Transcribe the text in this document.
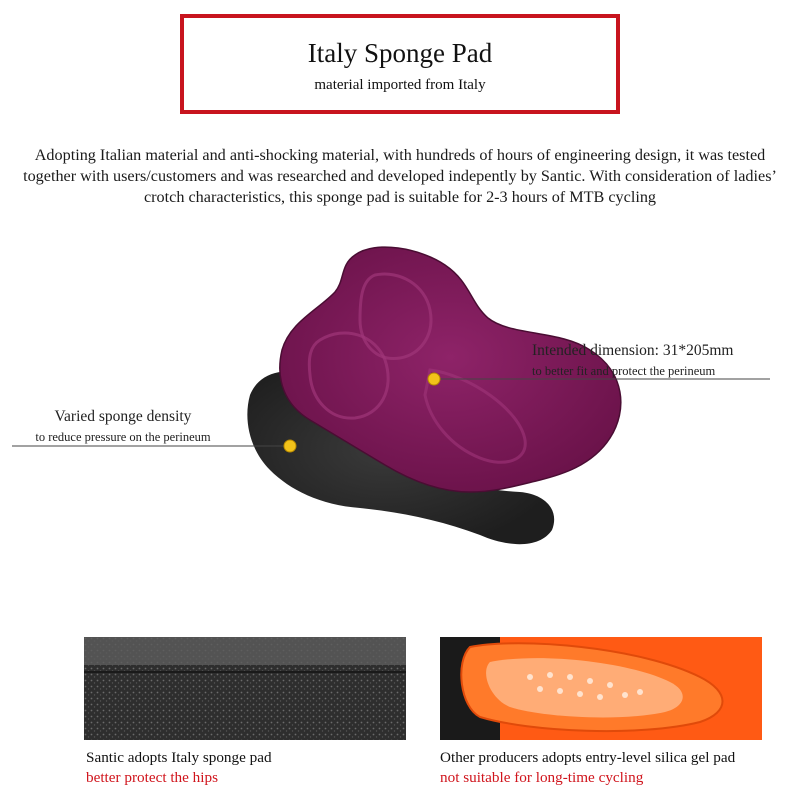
Italy Sponge Pad
material imported from Italy

Adopting Italian material and anti-shocking material, with hundreds of hours of engineering design, it was tested together with users/customers and was researched and developed indepently by Santic. With consideration of ladies’ crotch characteristics, this sponge pad is suitable for 2-3 hours of MTB cycling

Intended dimension: 31*205mm
to better fit and protect the perineum
Varied sponge density
to reduce pressure on the perineum
Santic adopts Italy sponge pad
better protect the hips
Other producers adopts entry-level silica gel pad
not suitable for long-time cycling
